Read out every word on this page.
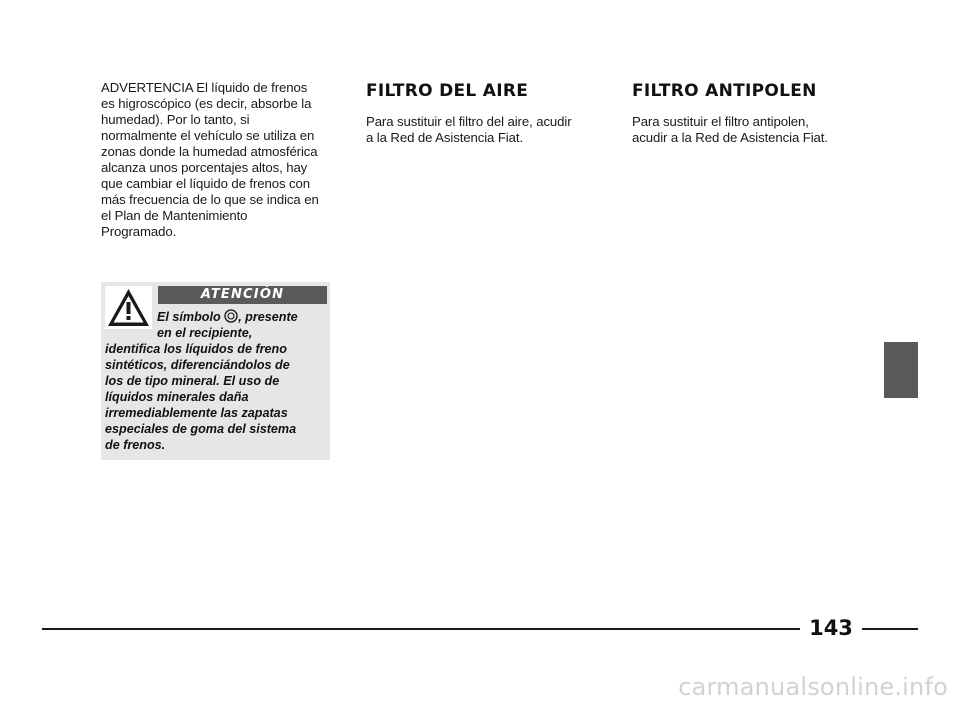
ADVERTENCIA El líquido de frenos
es higroscópico (es decir, absorbe la
humedad). Por lo tanto, si
normalmente el vehículo se utiliza en
zonas donde la humedad atmosférica
alcanza unos porcentajes altos, hay
que cambiar el líquido de frenos con
más frecuencia de lo que se indica en
el Plan de Mantenimiento
Programado.

ATENCIÓN
El símbolo , presente
en el recipiente,
identifica los líquidos de freno
sintéticos, diferenciándolos de
los de tipo mineral. El uso de
líquidos minerales daña
irremediablemente las zapatas
especiales de goma del sistema
de frenos.
FILTRO DEL AIRE

Para sustituir el filtro del aire, acudir
a la Red de Asistencia Fiat.

FILTRO ANTIPOLEN

Para sustituir el filtro antipolen,
acudir a la Red de Asistencia Fiat.

143
carmanualsonline.info
